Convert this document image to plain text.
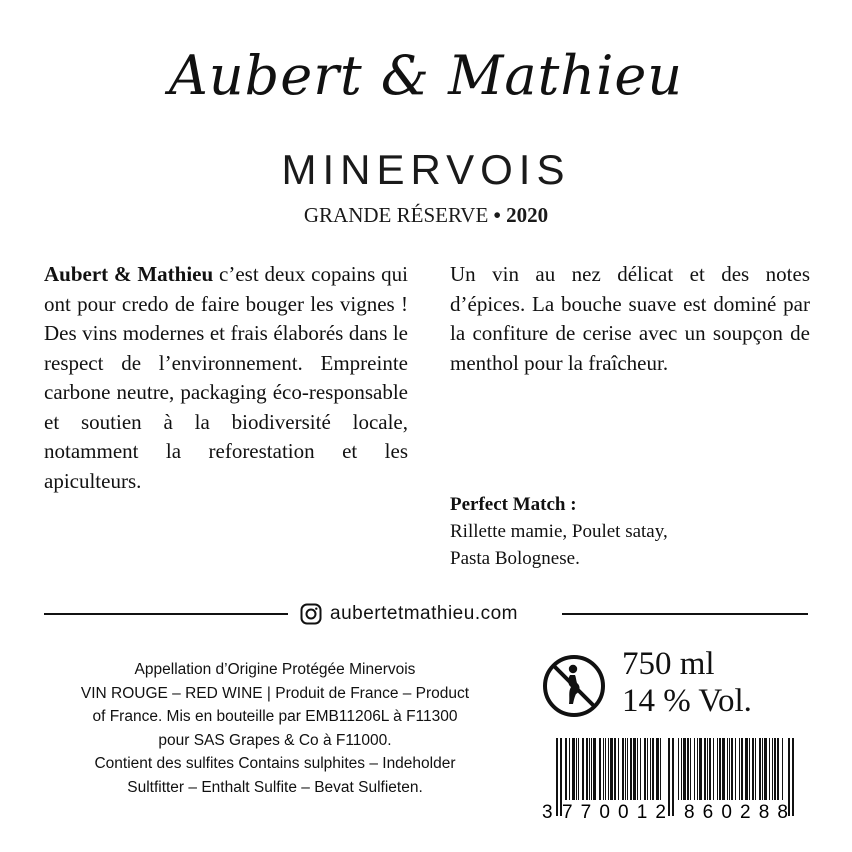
Aubert & Mathieu
MINERVOIS
GRANDE RÉSERVE • 2020
Aubert & Mathieu c’est deux copains qui ont pour credo de faire bouger les vignes ! Des vins modernes et frais élaborés dans le respect de l’environnement. Empreinte carbone neutre, packaging éco-responsable et soutien à la biodiversité locale, notamment la reforestation et les apiculteurs.
Un vin au nez délicat et des notes d’épices. La bouche suave est dominé par la confiture de cerise avec un soupçon de menthol pour la fraîcheur.
Perfect Match :
Rillette mamie, Poulet satay,
Pasta Bolognese.
aubertetmathieu.com
Appellation d’Origine Protégée Minervois
VIN ROUGE – RED WINE | Produit de France – Product
of France. Mis en bouteille par EMB11206L à F11300
pour SAS Grapes & Co à F11000.
Contient des sulfites Contains sulphites – Indeholder
Sultfitter – Enthalt Sulfite – Bevat Sulfieten.
750 ml
14 % Vol.
3 770012 860288
